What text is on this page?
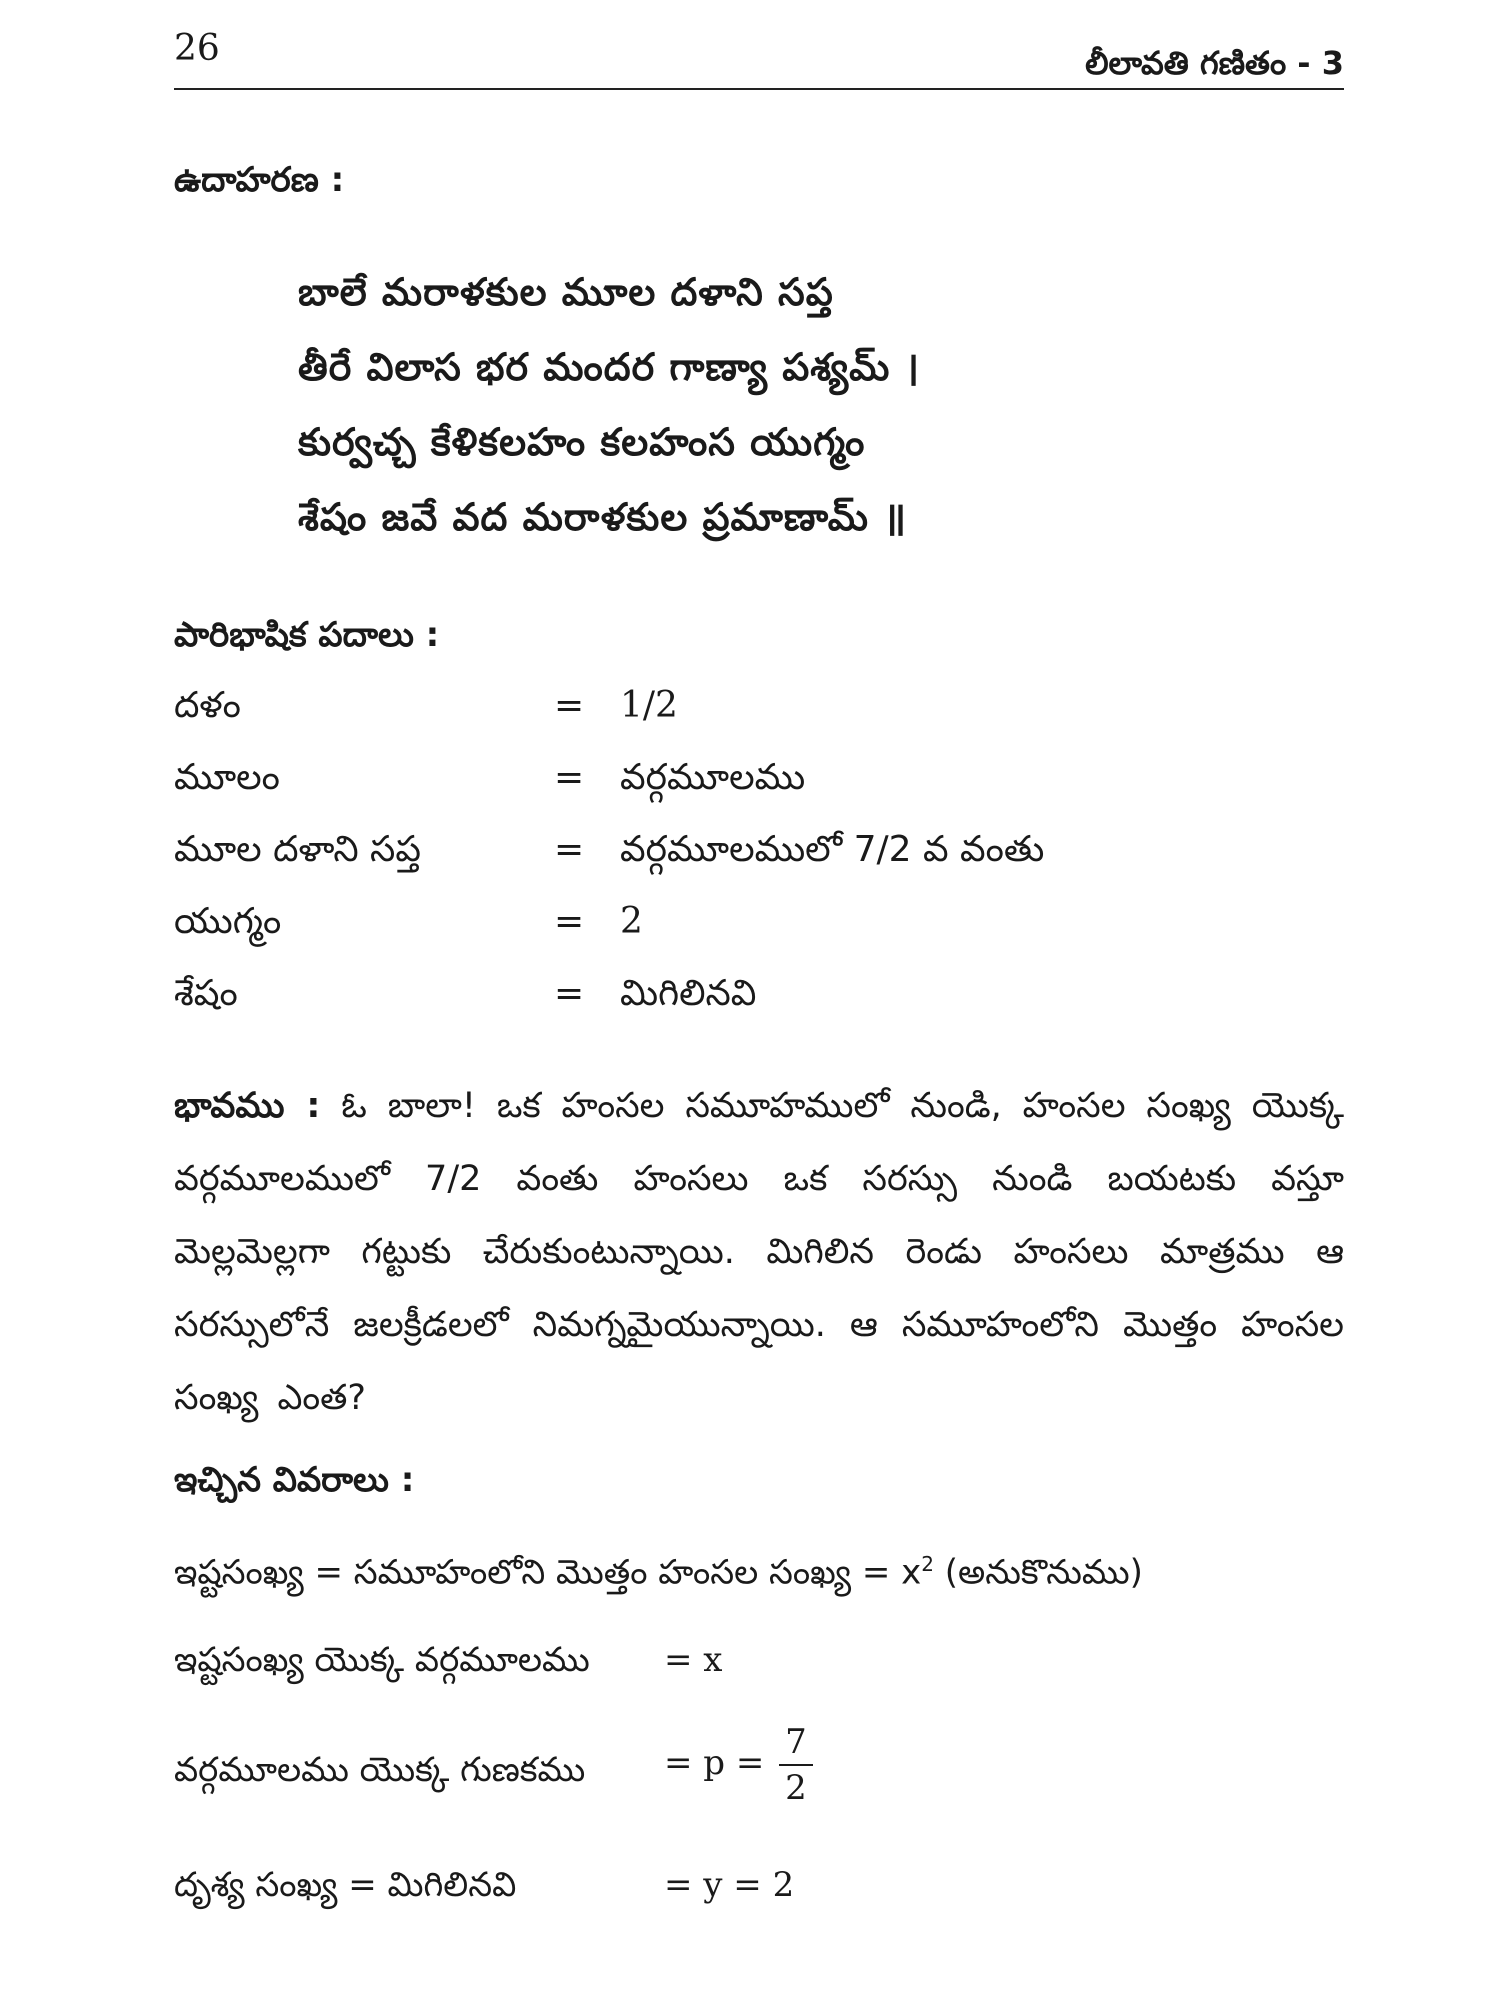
26	లీలావతి గణితం - 3
ఉదాహరణ :
బాలే మరాళకుల మూల దళాని సప్త
తీరే విలాస భర మందర గాణ్యా పశ్యమ్ ।
కుర్వచ్చ కేళికలహం కలహంస యుగ్మం
శేషం జవే వద మరాళకుల ప్రమాణామ్ ॥
పారిభాషిక పదాలు :
దళం	= 1/2
మూలం	= వర్గమూలము
మూల దళాని సప్త	= వర్గమూలములో 7/2 వ వంతు
యుగ్మం	= 2
శేషం	= మిగిలినవి
భావము : ఓ బాలా! ఒక హంసల సమూహములో నుండి, హంసల సంఖ్య యొక్క వర్గమూలములో 7/2 వంతు హంసలు ఒక సరస్సు నుండి బయటకు వస్తూ మెల్లమెల్లగా గట్టుకు చేరుకుంటున్నాయి. మిగిలిన రెండు హంసలు మాత్రము ఆ సరస్సులోనే జలక్రీడలలో నిమగ్నమైయున్నాయి. ఆ సమూహంలోని మొత్తం హంసల సంఖ్య ఎంత?
ఇచ్చిన వివరాలు :
ఇష్టసంఖ్య = సమూహంలోని మొత్తం హంసల సంఖ్య = $x^2$ (అనుకొనుము)
ఇష్టసంఖ్య యొక్క వర్గమూలము = x
వర్గమూలము యొక్క గుణకము = $p = \frac{7}{2}$
దృశ్య సంఖ్య = మిగిలినవి	= y = 2
